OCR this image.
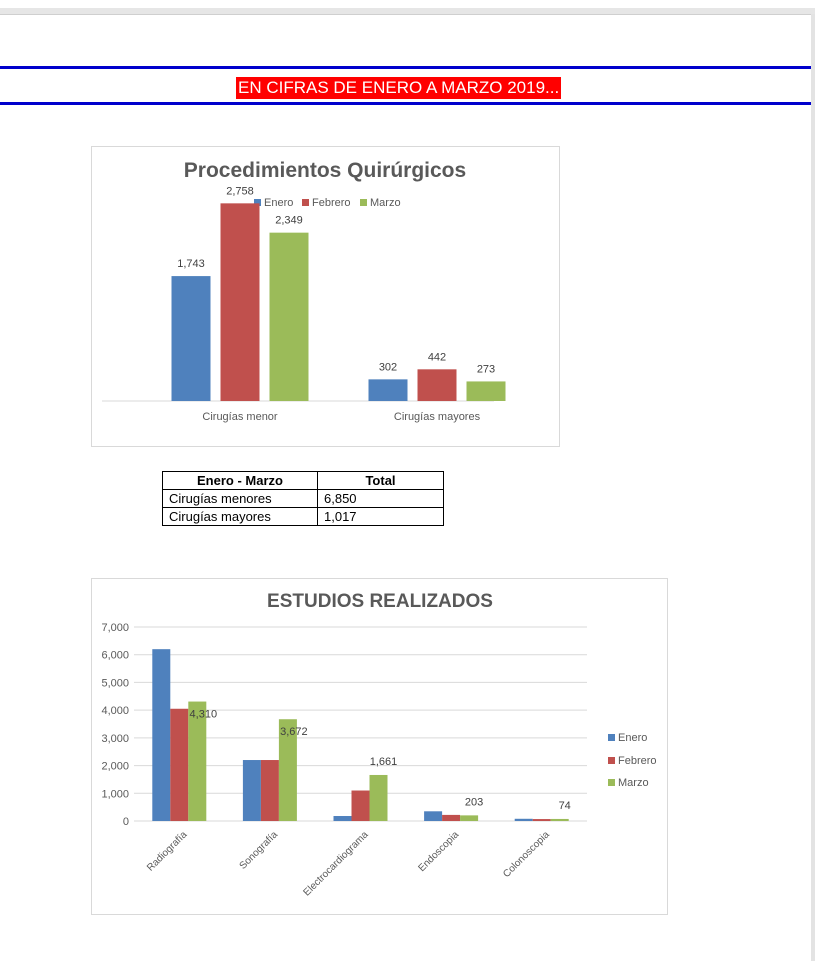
EN CIFRAS DE ENERO A MARZO 2019...
Procedimientos Quirúrgicos
Enero Febrero Marzo
1,743
2,758
2,349
Cirugías menor
302
442
273
Cirugías mayores
Enero - Marzo	Total
Cirugías menores	6,850
Cirugías mayores	1,017
ESTUDIOS REALIZADOS
0
1,000
2,000
3,000
4,000
5,000
6,000
7,000
4,310
Radiografía
3,672
Sonografía
1,661
Electrocardiograma
203
Endoscopia
74
Colonoscopia
Enero
Febrero
Marzo
